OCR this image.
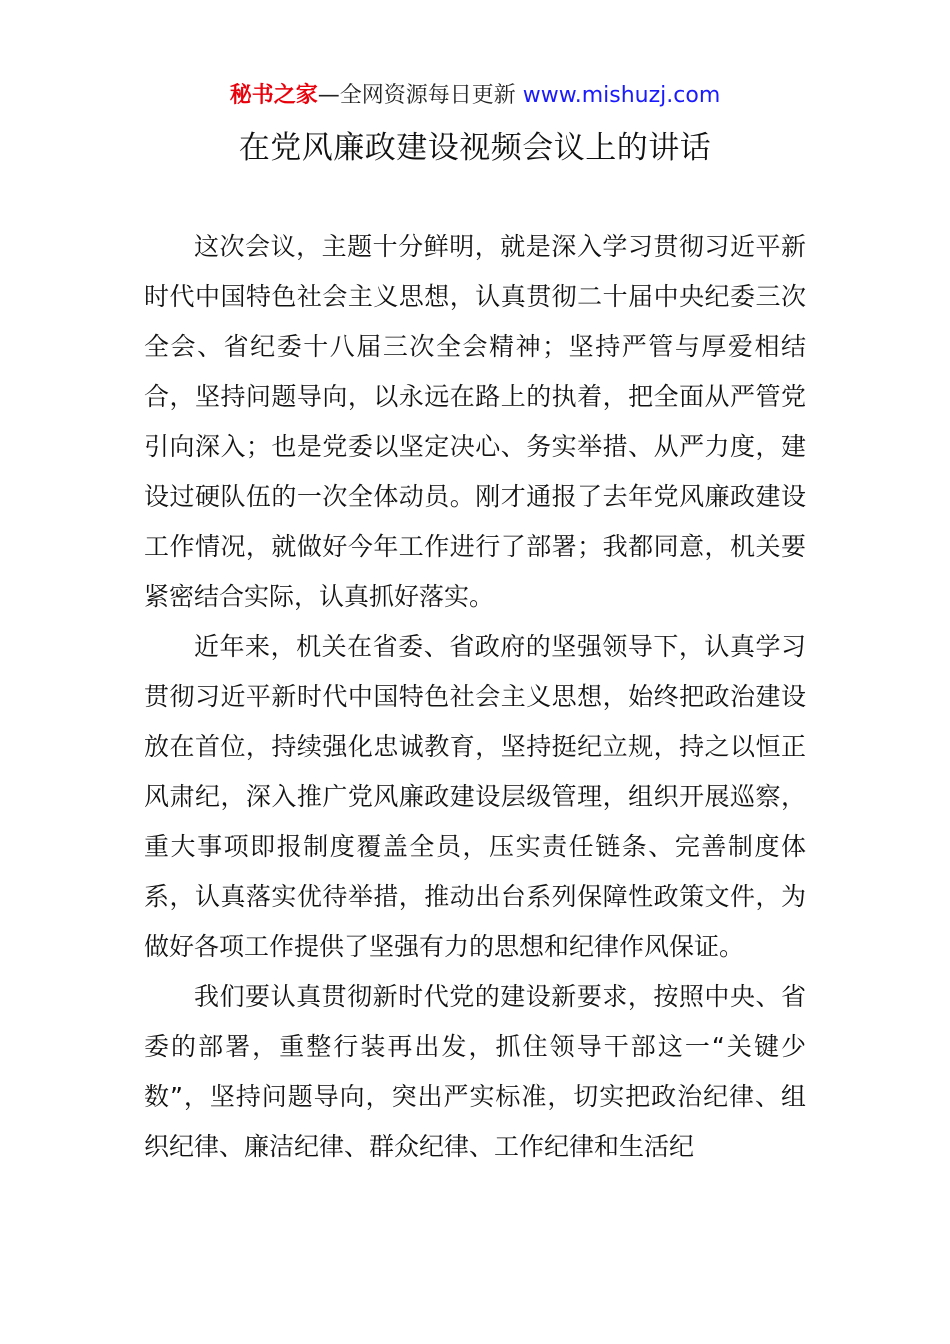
秘书之家—全网资源每日更新 www.mishuzj.com
在党风廉政建设视频会议上的讲话

这次会议，主题十分鲜明，就是深入学习贯彻习近平新时代中国特色社会主义思想，认真贯彻二十届中央纪委三次全会、省纪委十八届三次全会精神；坚持严管与厚爱相结合，坚持问题导向，以永远在路上的执着，把全面从严管党引向深入；也是党委以坚定决心、务实举措、从严力度，建设过硬队伍的一次全体动员。刚才通报了去年党风廉政建设工作情况，就做好今年工作进行了部署；我都同意，机关要紧密结合实际，认真抓好落实。

近年来，机关在省委、省政府的坚强领导下，认真学习贯彻习近平新时代中国特色社会主义思想，始终把政治建设放在首位，持续强化忠诚教育，坚持挺纪立规，持之以恒正风肃纪，深入推广党风廉政建设层级管理，组织开展巡察，重大事项即报制度覆盖全员，压实责任链条、完善制度体系，认真落实优待举措，推动出台系列保障性政策文件，为做好各项工作提供了坚强有力的思想和纪律作风保证。

我们要认真贯彻新时代党的建设新要求，按照中央、省委的部署，重整行装再出发，抓住领导干部这一“关键少数”，坚持问题导向，突出严实标准，切实把政治纪律、组织纪律、廉洁纪律、群众纪律、工作纪律和生活纪
